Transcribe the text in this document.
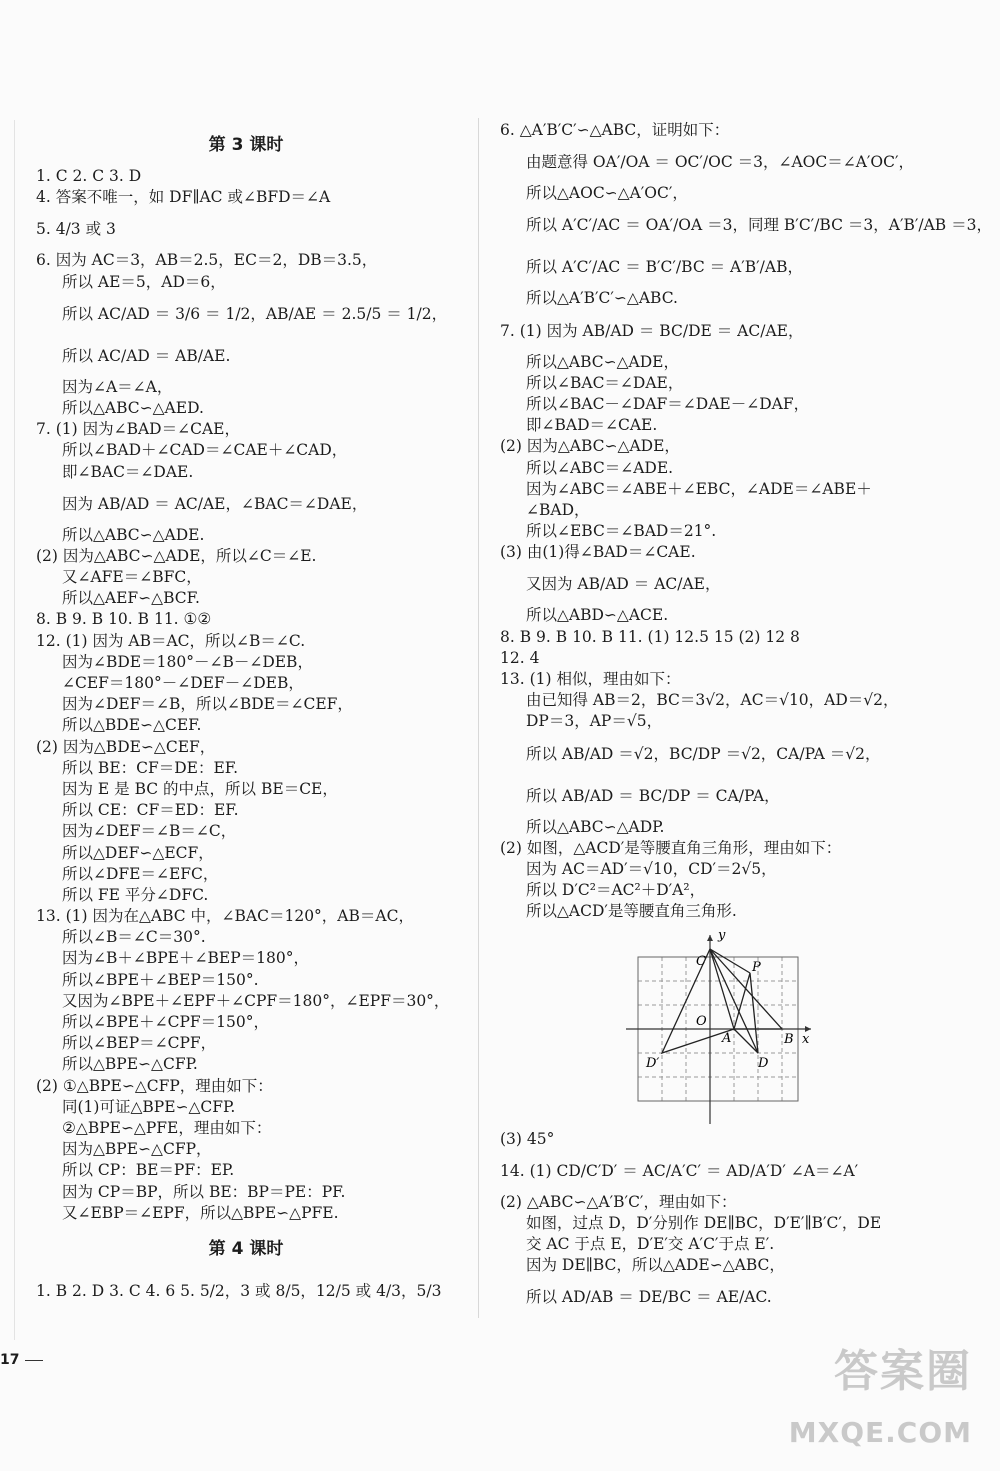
第 3 课时
1. C 2. C 3. D
4. 答案不唯一，如 DF∥AC 或∠BFD＝∠A
5. 4/3 或 3
6. 因为 AC＝3，AB＝2.5，EC＝2，DB＝3.5，
所以 AE＝5，AD＝6，
所以 AC/AD ＝ 3/6 ＝ 1/2，AB/AE ＝ 2.5/5 ＝ 1/2，
所以 AC/AD ＝ AB/AE.
因为∠A＝∠A，
所以△ABC∽△AED.
7. (1) 因为∠BAD＝∠CAE，
所以∠BAD＋∠CAD＝∠CAE＋∠CAD，
即∠BAC＝∠DAE.
因为 AB/AD ＝ AC/AE，∠BAC＝∠DAE，
所以△ABC∽△ADE.
(2) 因为△ABC∽△ADE，所以∠C＝∠E.
又∠AFE＝∠BFC，
所以△AEF∽△BCF.
8. B 9. B 10. B 11. ①②
12. (1) 因为 AB＝AC，所以∠B＝∠C.
因为∠BDE＝180°－∠B－∠DEB，
∠CEF＝180°－∠DEF－∠DEB，
因为∠DEF＝∠B，所以∠BDE＝∠CEF，
所以△BDE∽△CEF.
(2) 因为△BDE∽△CEF，
所以 BE：CF＝DE：EF.
因为 E 是 BC 的中点，所以 BE＝CE，
所以 CE：CF＝ED：EF.
因为∠DEF＝∠B＝∠C，
所以△DEF∽△ECF，
所以∠DFE＝∠EFC，
所以 FE 平分∠DFC.
13. (1) 因为在△ABC 中，∠BAC＝120°，AB＝AC，
所以∠B＝∠C＝30°.
因为∠B＋∠BPE＋∠BEP＝180°，
所以∠BPE＋∠BEP＝150°.
又因为∠BPE＋∠EPF＋∠CPF＝180°，∠EPF＝30°，
所以∠BPE＋∠CPF＝150°，
所以∠BEP＝∠CPF，
所以△BPE∽△CFP.
(2) ①△BPE∽△CFP，理由如下：
同(1)可证△BPE∽△CFP.
②△BPE∽△PFE，理由如下：
因为△BPE∽△CFP，
所以 CP：BE＝PF：EP.
因为 CP＝BP，所以 BE：BP＝PE：PF.
又∠EBP＝∠EPF，所以△BPE∽△PFE.
第 4 课时
1. B 2. D 3. C 4. 6 5. 5/2，3 或 8/5，12/5 或 4/3，5/3
6. △A′B′C′∽△ABC，证明如下：
由题意得 OA′/OA ＝ OC′/OC ＝3，∠AOC＝∠A′OC′，
所以△AOC∽△A′OC′，
所以 A′C′/AC ＝ OA′/OA ＝3，同理 B′C′/BC ＝3，A′B′/AB ＝3，
所以 A′C′/AC ＝ B′C′/BC ＝ A′B′/AB，
所以△A′B′C′∽△ABC.
7. (1) 因为 AB/AD ＝ BC/DE ＝ AC/AE，
所以△ABC∽△ADE，
所以∠BAC＝∠DAE，
所以∠BAC－∠DAF＝∠DAE－∠DAF，
即∠BAD＝∠CAE.
(2) 因为△ABC∽△ADE，
所以∠ABC＝∠ADE.
因为∠ABC＝∠ABE＋∠EBC，∠ADE＝∠ABE＋
∠BAD，
所以∠EBC＝∠BAD＝21°.
(3) 由(1)得∠BAD＝∠CAE.
又因为 AB/AD ＝ AC/AE，
所以△ABD∽△ACE.
8. B 9. B 10. B 11. (1) 12.5 15 (2) 12 8
12. 4
13. (1) 相似，理由如下：
由已知得 AB＝2，BC＝3√2，AC＝√10，AD＝√2，
DP＝3，AP＝√5，
所以 AB/AD ＝√2，BC/DP ＝√2，CA/PA ＝√2，
所以 AB/AD ＝ BC/DP ＝ CA/PA，
所以△ABC∽△ADP.
(2) 如图，△ACD′是等腰直角三角形，理由如下：
因为 AC＝AD′＝√10，CD′＝2√5，
所以 D′C²＝AC²＋D′A²，
所以△ACD′是等腰直角三角形.
y
x
C	P
O
A	B
D′	D
(3) 45°
14. (1) CD/C′D′ ＝ AC/A′C′ ＝ AD/A′D′ ∠A＝∠A′
(2) △ABC∽△A′B′C′，理由如下：
如图，过点 D，D′分别作 DE∥BC，D′E′∥B′C′，DE
交 AC 于点 E，D′E′交 A′C′于点 E′.
因为 DE∥BC，所以△ADE∽△ABC，
所以 AD/AB ＝ DE/BC ＝ AE/AC.
17	答案圈
MXQE.COM
